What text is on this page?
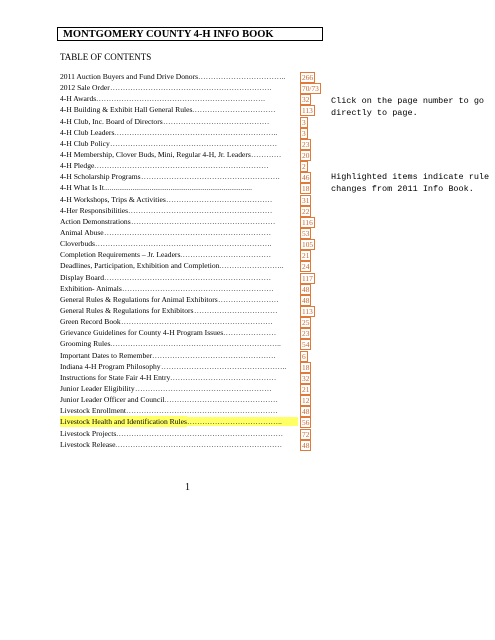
MONTGOMERY COUNTY 4-H INFO BOOK
TABLE OF CONTENTS
2011 Auction Buyers and Fund Drive Donors ……………………………..	266
2012 Sale Order ……………………………………………………….	70/73
4-H Awards ………………………………………………………….	32
4-H Building & Exhibit Hall General Rules ……………………………	113
4-H Club, Inc. Board of Directors ……………………………………	3
4-H Club Leaders ………………………………………………………..	3
4-H Club Policy …………………………………………………………	23
4-H Membership, Clover Buds, Mini, Regular 4-H, Jr. Leaders …………	20
4-H Pledge ……………………………………………………………	2
4-H Scholarship Programs ……………………………………………….	46
4-H What Is It ..............................................................................	18
4-H Workshops, Trips & Activities ……………………………………	31
4-Her Responsibilities …………………………………………………	22
Action Demonstrations …………………………………………………	116
Animal Abuse …………………………………………………………	53
Cloverbuds …………………………………………………………….	105
Completion Requirements – Jr. Leaders ………………………………	21
Deadlines, Participation, Exhibition and Completion ……………………..	24
Display Board …………………………………………………………	117
Exhibition- Animals ……………………………………………………	48
General Rules & Regulations for Animal Exhibitors ……………………	48
General Rules & Regulations for Exhibitors ……………………………	113
Green Record Book ……………………………………………………	25
Grievance Guidelines for County 4-H Program Issues …………………	23
Grooming Rules …………………………………………………………..	54
Important Dates to Remember ………………………………………….	6
Indiana 4-H Program Philosophy …………………………………………..	18
Instructions for State Fair 4-H Entry ……………………………………	32
Junior Leader Eligibility ………………………………………………	21
Junior Leader Officer and Council ………………………………………	12
Livestock Enrollment ……………………………………………………	48
Livestock Health and Identification Rules ………………………………..	56
Livestock Projects …………………………………………………………	72
Livestock Release …………………………………………………………	48
Click on the page number to go directly to page.
Highlighted items indicate rule changes from 2011 Info Book.
1
